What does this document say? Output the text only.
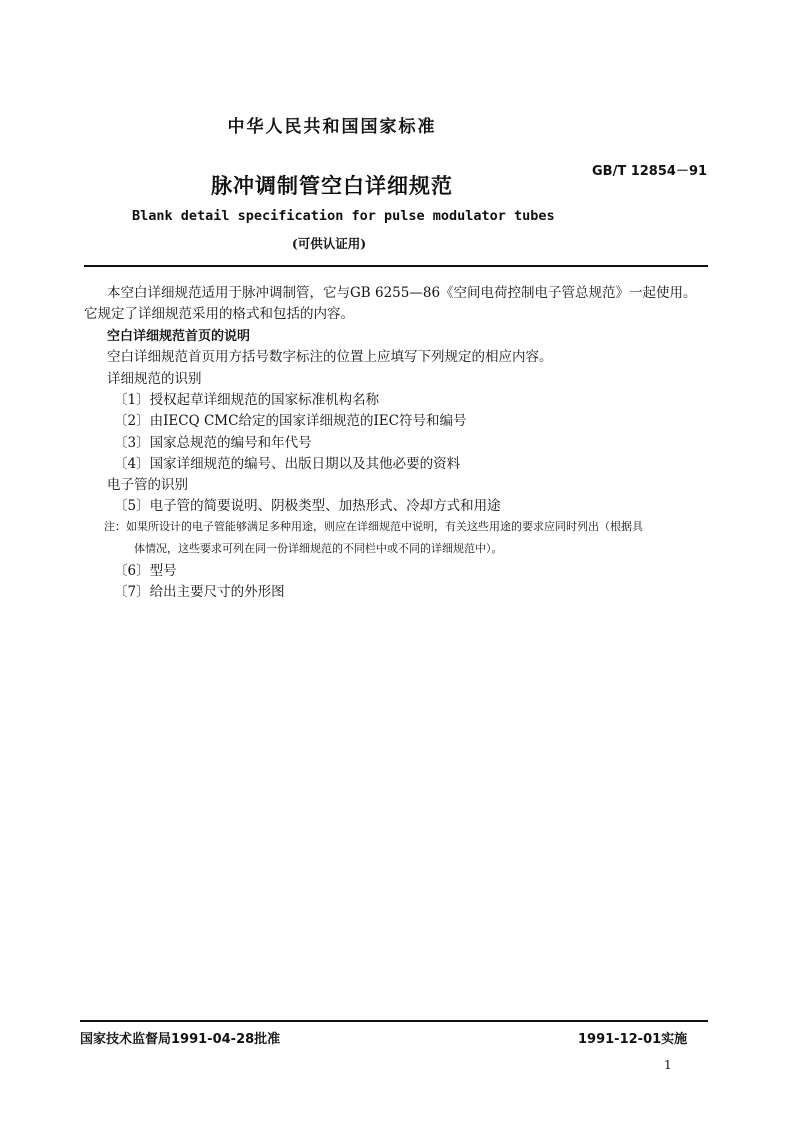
中华人民共和国国家标准
GB/T 12854－91
脉冲调制管空白详细规范
Blank detail specification for pulse modulator tubes
(可供认证用)
本空白详细规范适用于脉冲调制管，它与GB 6255—86《空间电荷控制电子管总规范》一起使用。
它规定了详细规范采用的格式和包括的内容。
空白详细规范首页的说明
空白详细规范首页用方括号数字标注的位置上应填写下列规定的相应内容。
详细规范的识别
〔1〕授权起草详细规范的国家标准机构名称
〔2〕由IECQ CMC给定的国家详细规范的IEC符号和编号
〔3〕国家总规范的编号和年代号
〔4〕国家详细规范的编号、出版日期以及其他必要的资料
电子管的识别
〔5〕电子管的简要说明、阴极类型、加热形式、冷却方式和用途
注：如果所设计的电子管能够满足多种用途，则应在详细规范中说明，有关这些用途的要求应同时列出（根据具
体情况，这些要求可列在同一份详细规范的不同栏中或不同的详细规范中）。
〔6〕型号
〔7〕给出主要尺寸的外形图
国家技术监督局1991-04-28批准	1991-12-01实施
1
